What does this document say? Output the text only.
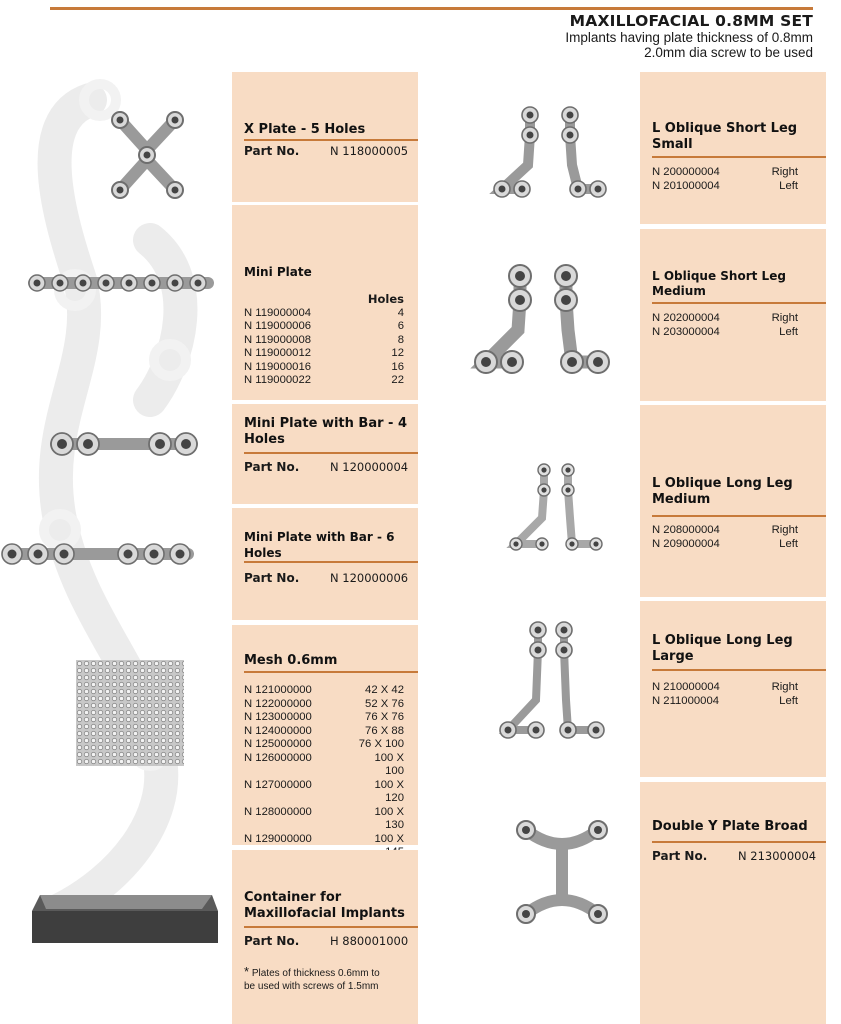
MAXILLOFACIAL 0.8MM SET
Implants having plate thickness of 0.8mm
2.0mm dia screw to be used
X Plate - 5 Holes
Part No.	N 118000005
Mini Plate
Holes
N 119000004	4
N 119000006	6
N 119000008	8
N 119000012	12
N 119000016	16
N 119000022	22
Mini Plate with Bar - 4
Holes
Part No.	N 120000004
Mini Plate with Bar - 6
Holes
Part No.	N 120000006
Mesh 0.6mm
N 121000000	42 X 42
N 122000000	52 X 76
N 123000000	76 X 76
N 124000000	76 X 88
N 125000000	76 X 100
N 126000000	100 X 100
N 127000000	100 X 120
N 128000000	100 X 130
N 129000000	100 X
Container for
Maxillofacial Implants
Part No.	H 880001000
* Plates of thickness 0.6mm to
be used with screws of 1.5mm
L Oblique Short Leg
Small
N 200000004	Right
N 201000004	Left
L Oblique Short Leg
Medium
N 202000004	Right
N 203000004	Left
L Oblique Long Leg
Medium
N 208000004	Right
N 209000004	Left
L Oblique Long Leg
Large
N 210000004	Right
N 211000004	Left
Double Y Plate Broad
Part No.	N 213000004
